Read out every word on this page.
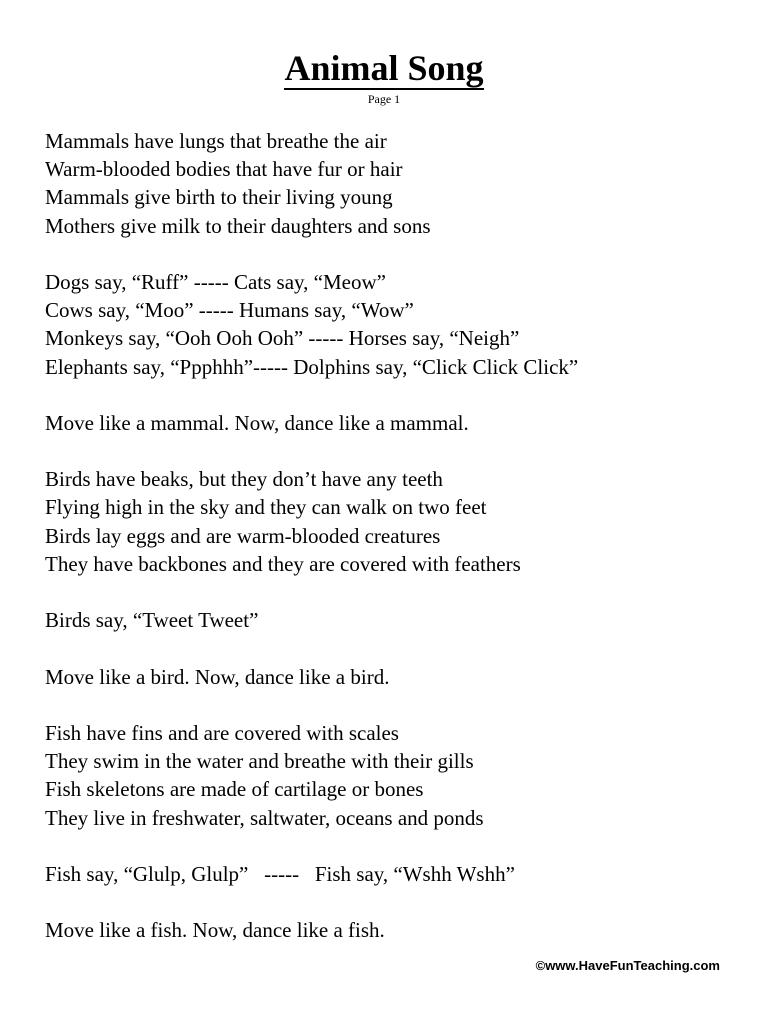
Animal Song
Page 1
Mammals have lungs that breathe the air
Warm-blooded bodies that have fur or hair
Mammals give birth to their living young
Mothers give milk to their daughters and sons
Dogs say, “Ruff” ----- Cats say, “Meow”
Cows say, “Moo” ----- Humans say, “Wow”
Monkeys say, “Ooh Ooh Ooh” ----- Horses say, “Neigh”
Elephants say, “Ppphhh”----- Dolphins say, “Click Click Click”
Move like a mammal. Now, dance like a mammal.
Birds have beaks, but they don’t have any teeth
Flying high in the sky and they can walk on two feet
Birds lay eggs and are warm-blooded creatures
They have backbones and they are covered with feathers
Birds say, “Tweet Tweet”
Move like a bird. Now, dance like a bird.
Fish have fins and are covered with scales
They swim in the water and breathe with their gills
Fish skeletons are made of cartilage or bones
They live in freshwater, saltwater, oceans and ponds
Fish say, “Glulp, Glulp”   -----   Fish say, “Wshh Wshh”
Move like a fish. Now, dance like a fish.
©www.HaveFunTeaching.com
